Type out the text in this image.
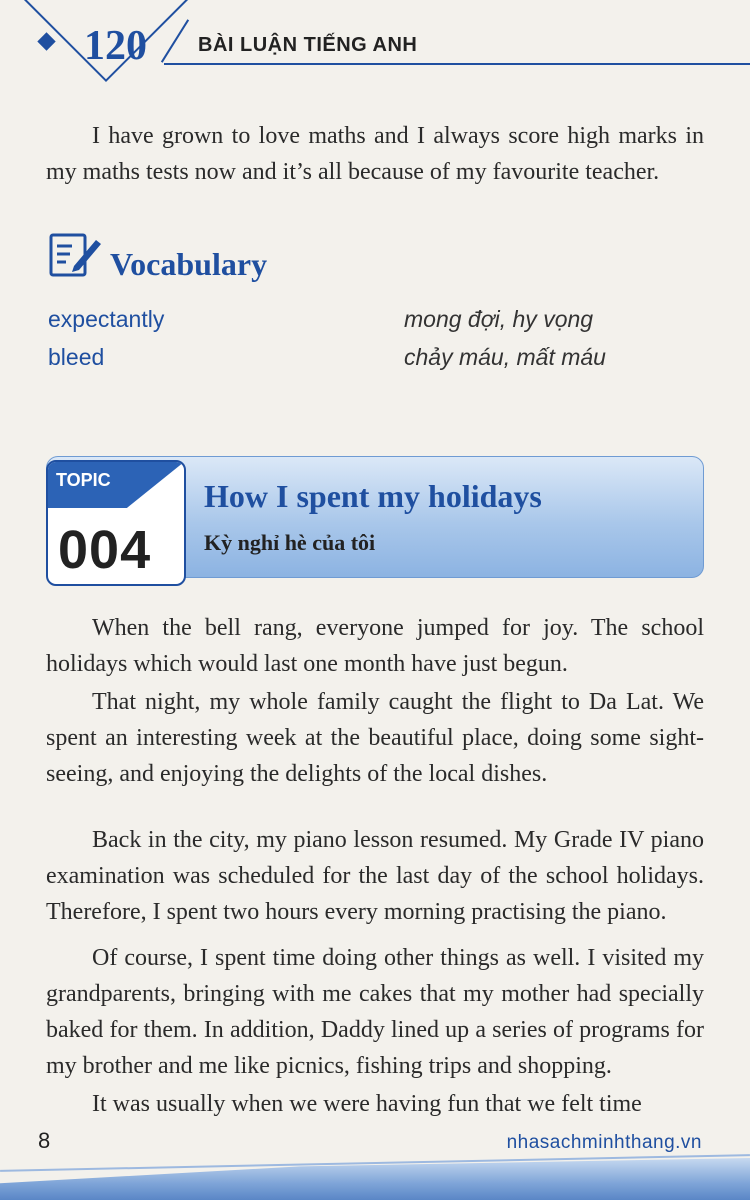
120	BÀI LUẬN TIẾNG ANH
I have grown to love maths and I always score high marks in my maths tests now and it’s all because of my favourite teacher.
Vocabulary
expectantly	mong đợi, hy vọng
bleed	chảy máu, mất máu
TOPIC
004
How I spent my holidays
Kỳ nghỉ hè của tôi
When the bell rang, everyone jumped for joy. The school holidays which would last one month have just begun.
That night, my whole family caught the flight to Da Lat. We spent an interesting week at the beautiful place, doing some sight-seeing, and enjoying the delights of the local dishes.
Back in the city, my piano lesson resumed. My Grade IV piano examination was scheduled for the last day of the school holidays. Therefore, I spent two hours every morning practising the piano.
Of course, I spent time doing other things as well. I visited my grandparents, bringing with me cakes that my mother had specially baked for them. In addition, Daddy lined up a series of programs for my brother and me like picnics, fishing trips and shopping.
It was usually when we were having fun that we felt time
8	nhasachminhthang.vn
